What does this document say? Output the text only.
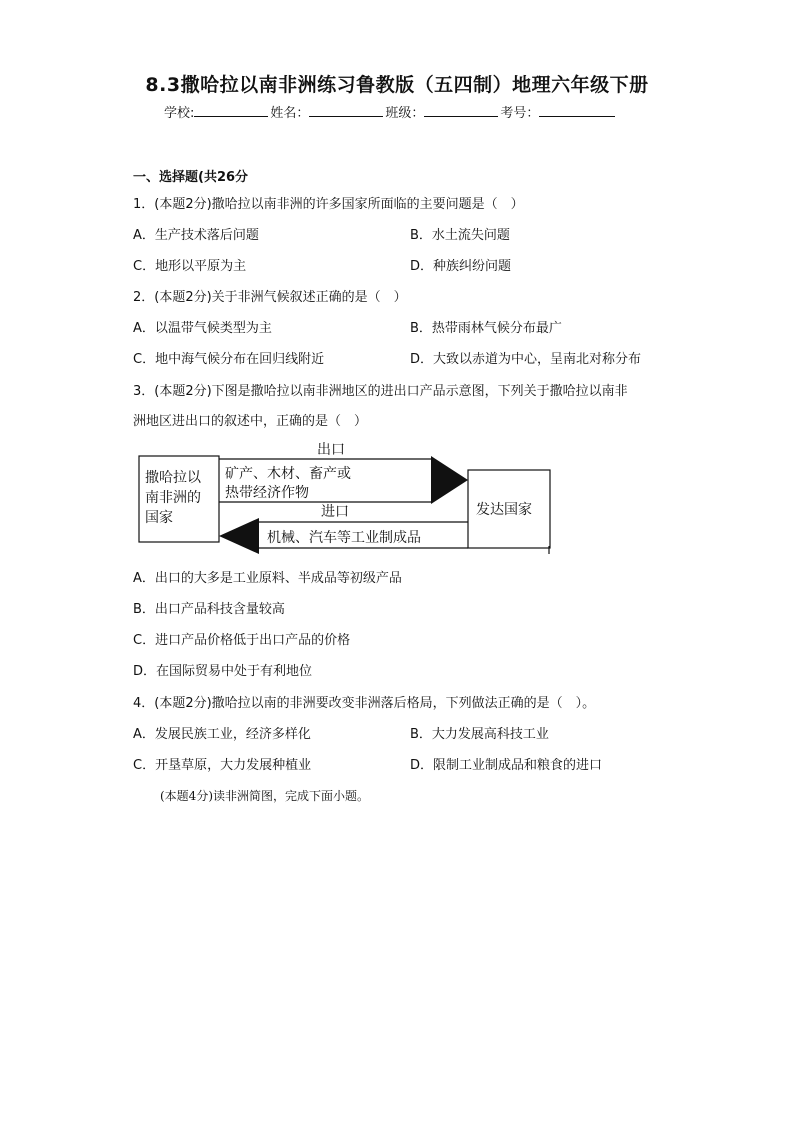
8.3撒哈拉以南非洲练习鲁教版（五四制）地理六年级下册
学校:	姓名：	班级：	考号：
一、选择题(共26分
1．(本题2分)撒哈拉以南非洲的许多国家所面临的主要问题是（　）
A．生产技术落后问题	B．水土流失问题
C．地形以平原为主	D．种族纠纷问题
2．(本题2分)关于非洲气候叙述正确的是（　）
A．以温带气候类型为主	B．热带雨林气候分布最广
C．地中海气候分布在回归线附近	D．大致以赤道为中心，呈南北对称分布
3．(本题2分)下图是撒哈拉以南非洲地区的进出口产品示意图，下列关于撒哈拉以南非
洲地区进出口的叙述中，正确的是（　）
撒哈拉以
南非洲的
国家	发达国家
出口
矿产、木材、畜产或
热带经济作物
进口
机械、汽车等工业制成品
A．出口的大多是工业原料、半成品等初级产品
B．出口产品科技含量较高
C．进口产品价格低于出口产品的价格
D．在国际贸易中处于有利地位
4．(本题2分)撒哈拉以南的非洲要改变非洲落后格局，下列做法正确的是（　）。
A．发展民族工业，经济多样化	B．大力发展高科技工业
C．开垦草原，大力发展种植业	D．限制工业制成品和粮食的进口
(本题4分)读非洲简图，完成下面小题。
